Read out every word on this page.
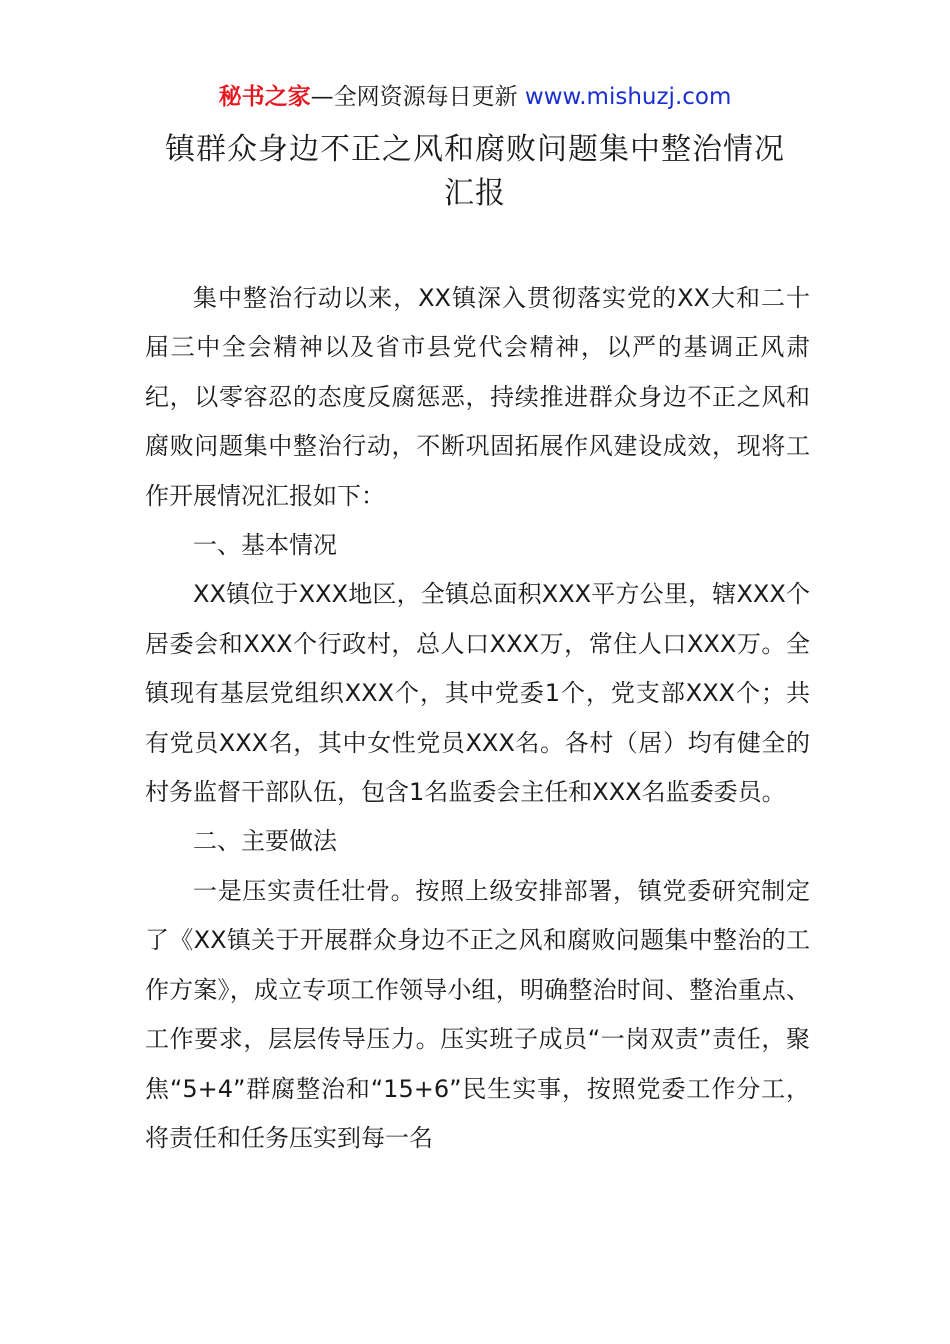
秘书之家—全网资源每日更新 www.mishuzj.com
镇群众身边不正之风和腐败问题集中整治情况
汇报

集中整治行动以来，XX镇深入贯彻落实党的XX大和二十届三中全会精神以及省市县党代会精神，以严的基调正风肃纪，以零容忍的态度反腐惩恶，持续推进群众身边不正之风和腐败问题集中整治行动，不断巩固拓展作风建设成效，现将工作开展情况汇报如下：

一、基本情况

XX镇位于XXX地区，全镇总面积XXX平方公里，辖XXX个居委会和XXX个行政村，总人口XXX万，常住人口XXX万。全镇现有基层党组织XXX个，其中党委1个，党支部XXX个；共有党员XXX名，其中女性党员XXX名。各村（居）均有健全的村务监督干部队伍，包含1名监委会主任和XXX名监委委员。

二、主要做法

一是压实责任壮骨。按照上级安排部署，镇党委研究制定了《XX镇关于开展群众身边不正之风和腐败问题集中整治的工作方案》，成立专项工作领导小组，明确整治时间、整治重点、工作要求，层层传导压力。压实班子成员“一岗双责”责任，聚焦“5+4”群腐整治和“15+6”民生实事，按照党委工作分工，将责任和任务压实到每一名
